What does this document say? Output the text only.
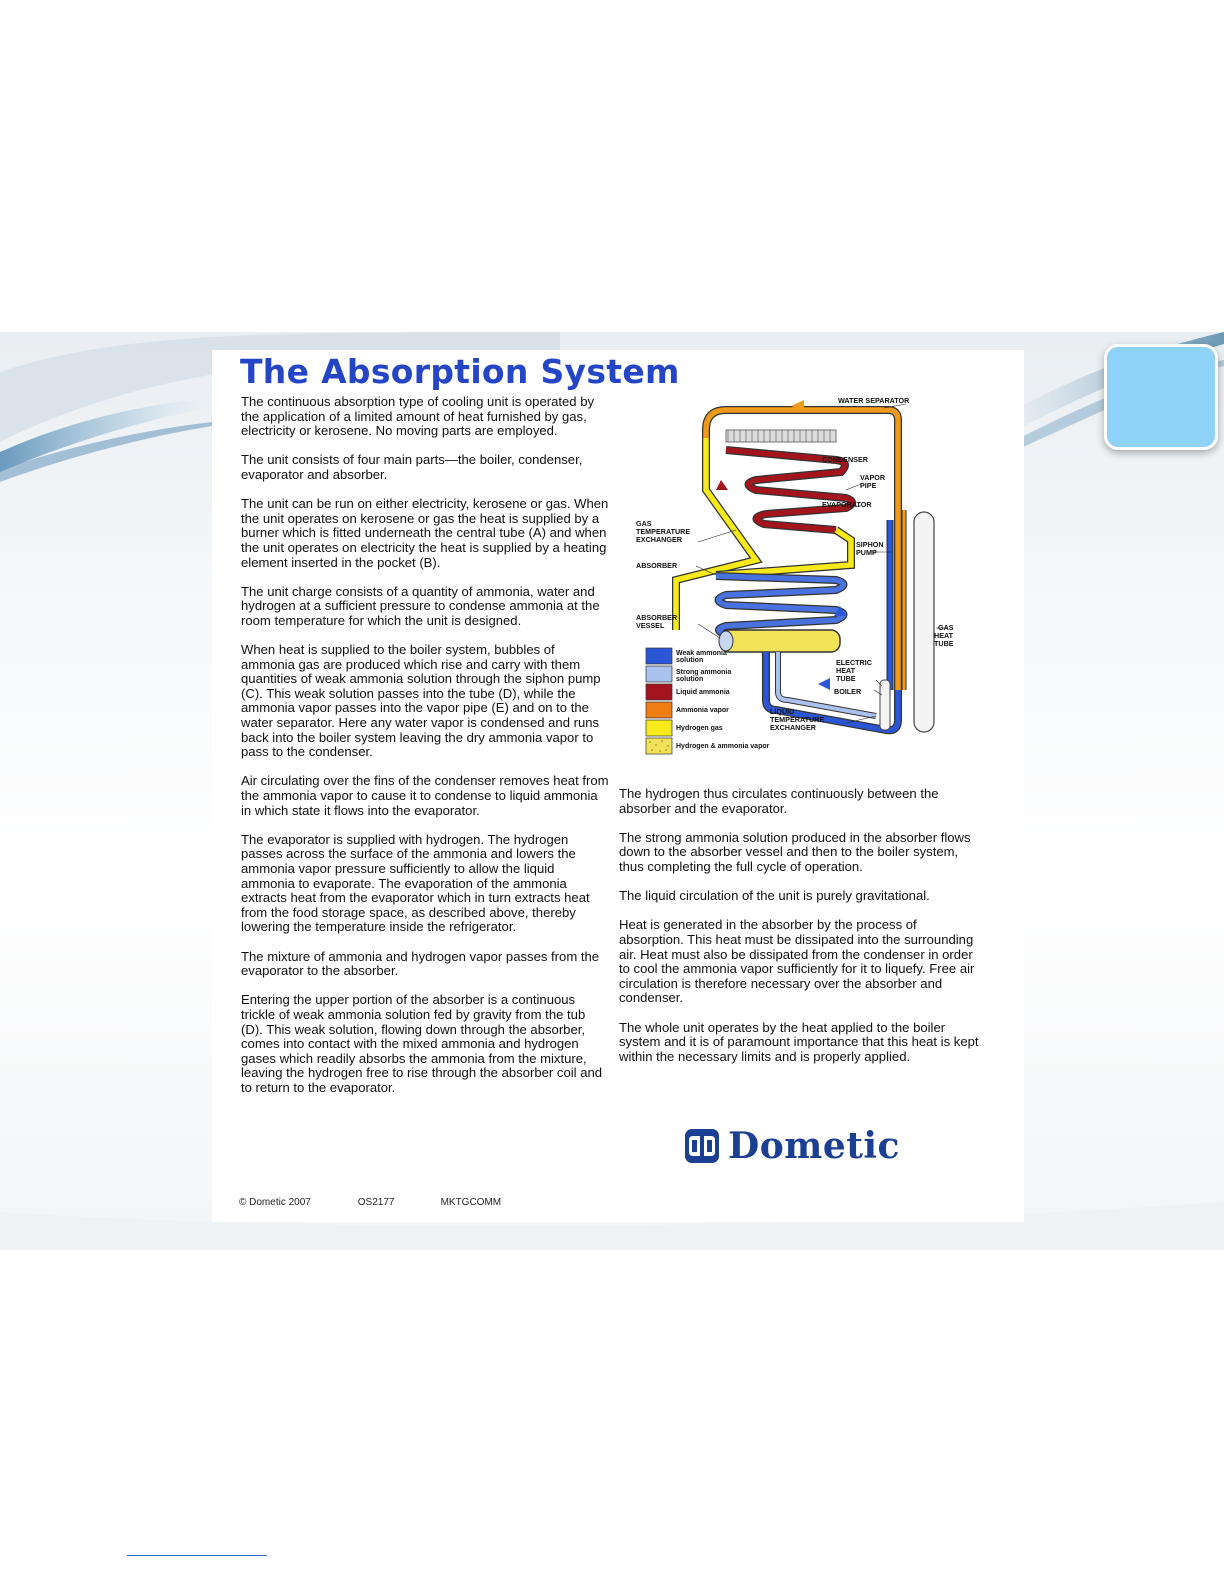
The Absorption System

The continuous absorption type of cooling unit is operated by the application of a limited amount of heat furnished by gas, electricity or kerosene. No moving parts are employed.

The unit consists of four main parts—the boiler, condenser, evaporator and absorber.

The unit can be run on either electricity, kerosene or gas. When the unit operates on kerosene or gas the heat is supplied by a burner which is fitted underneath the central tube (A) and when the unit operates on electricity the heat is supplied by a heating element inserted in the pocket (B).

The unit charge consists of a quantity of ammonia, water and hydrogen at a sufficient pressure to condense ammonia at the room temperature for which the unit is designed.

When heat is supplied to the boiler system, bubbles of ammonia gas are produced which rise and carry with them quantities of weak ammonia solution through the siphon pump (C). This weak solution passes into the tube (D), while the ammonia vapor passes into the vapor pipe (E) and on to the water separator. Here any water vapor is condensed and runs back into the boiler system leaving the dry ammonia vapor to pass to the condenser.

Air circulating over the fins of the condenser removes heat from the ammonia vapor to cause it to condense to liquid ammonia in which state it flows into the evaporator.

The evaporator is supplied with hydrogen. The hydrogen passes across the surface of the ammonia and lowers the ammonia vapor pressure sufficiently to allow the liquid ammonia to evaporate. The evaporation of the ammonia extracts heat from the evaporator which in turn extracts heat from the food storage space, as described above, thereby lowering the temperature inside the refrigerator.

The mixture of ammonia and hydrogen vapor passes from the evaporator to the absorber.

Entering the upper portion of the absorber is a continuous trickle of weak ammonia solution fed by gravity from the tub (D). This weak solution, flowing down through the absorber, comes into contact with the mixed ammonia and hydrogen gases which readily absorbs the ammonia from the mixture, leaving the hydrogen free to rise through the absorber coil and to return to the evaporator.

WATER SEPARATOR
CONDENSER
VAPOR
PIPE
EVAPORATOR
GAS
TEMPERATURE
EXCHANGER
SIPHON
PUMP
ABSORBER
ABSORBER
VESSEL	GAS
HEAT
TUBE
ELECTRIC
HEAT
TUBE
BOILER
LIQUID
TEMPERATURE
EXCHANGER
Weak ammonia
solution
Strong ammonia
solution
Liquid ammonia
Ammonia vapor
Hydrogen gas
Hydrogen & ammonia vapor

The hydrogen thus circulates continuously between the absorber and the evaporator.

The strong ammonia solution produced in the absorber flows down to the absorber vessel and then to the boiler system, thus completing the full cycle of operation.

The liquid circulation of the unit is purely gravitational.

Heat is generated in the absorber by the process of absorption. This heat must be dissipated into the surrounding air. Heat must also be dissipated from the condenser in order to cool the ammonia vapor sufficiently for it to liquefy. Free air circulation is therefore necessary over the absorber and condenser.

The whole unit operates by the heat applied to the boiler system and it is of paramount importance that this heat is kept within the necessary limits and is properly applied.

Dometic
© Dometic 2007	OS2177	MKTGCOMM
